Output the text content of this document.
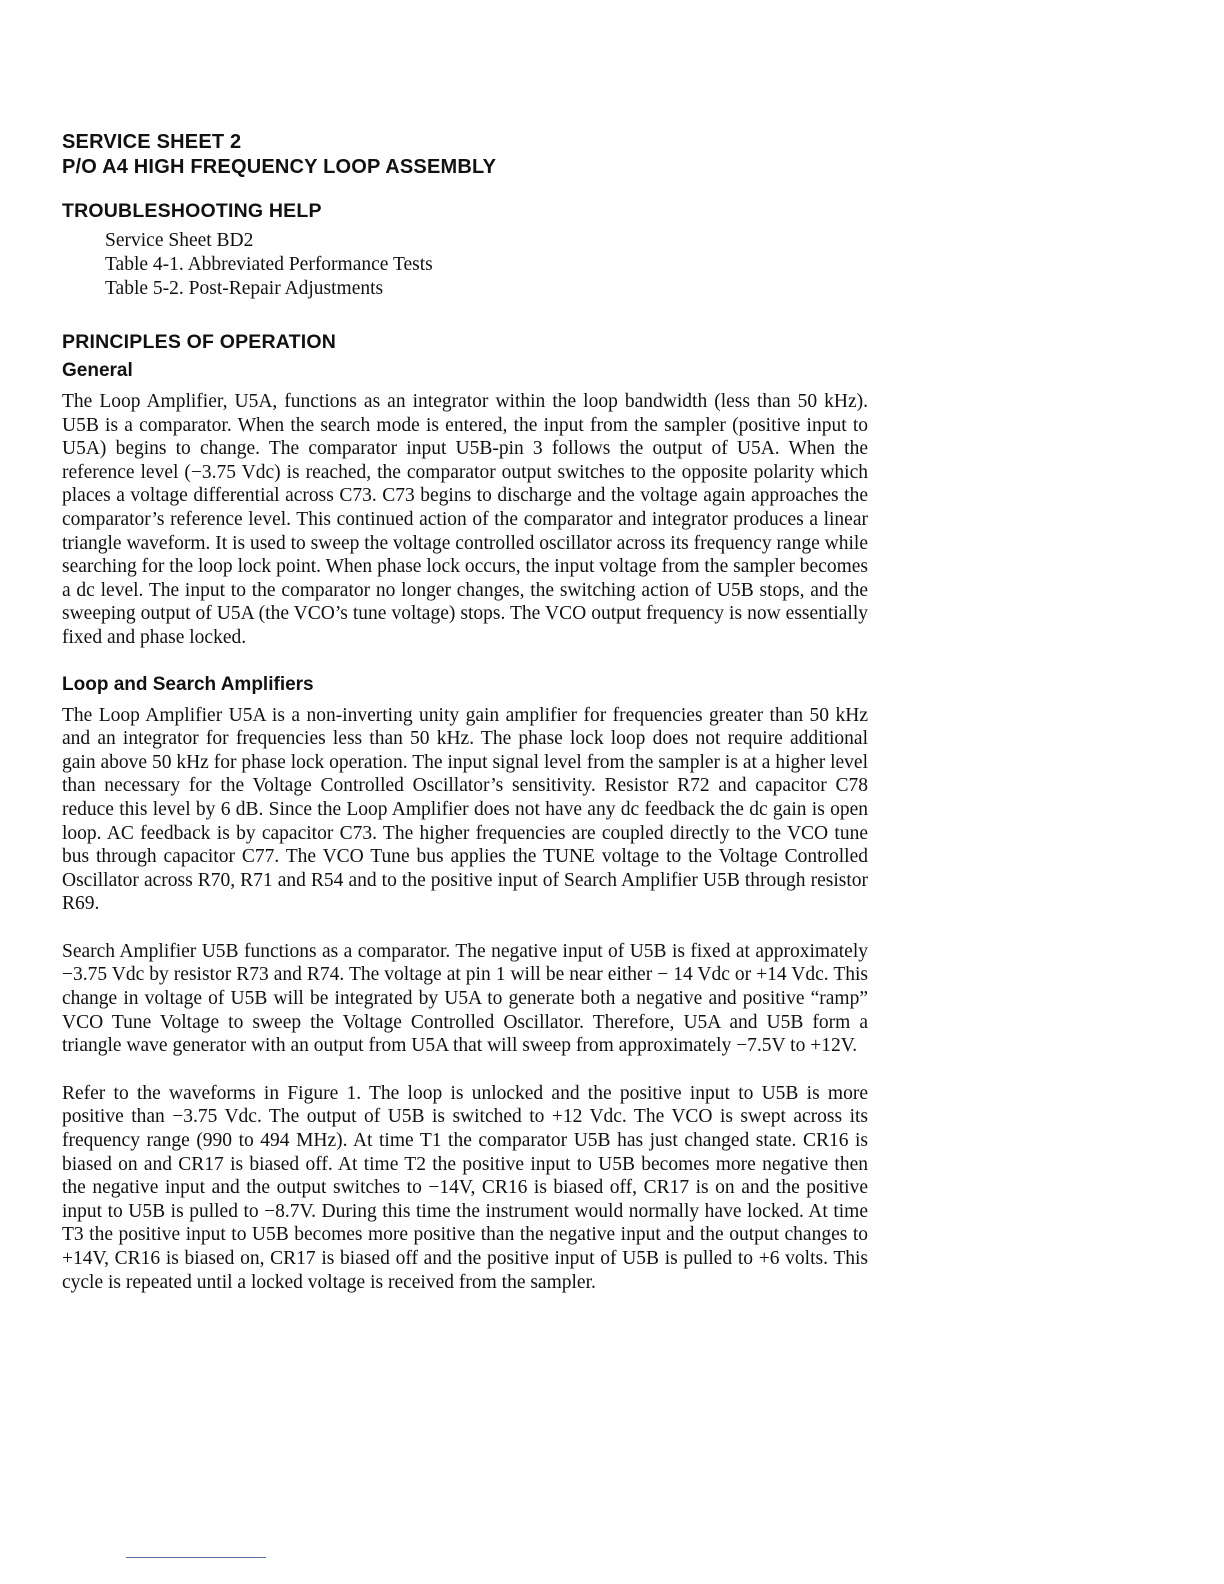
SERVICE SHEET 2
P/O A4 HIGH FREQUENCY LOOP ASSEMBLY
TROUBLESHOOTING HELP
Service Sheet BD2
Table 4-1. Abbreviated Performance Tests
Table 5-2. Post-Repair Adjustments
PRINCIPLES OF OPERATION
General

The Loop Amplifier, U5A, functions as an integrator within the loop bandwidth (less than 50 kHz). U5B is a comparator. When the search mode is entered, the input from the sampler (positive input to U5A) begins to change. The comparator input U5B-pin 3 follows the output of U5A. When the reference level (−3.75 Vdc) is reached, the comparator output switches to the opposite polarity which places a voltage differential across C73. C73 begins to discharge and the voltage again approaches the comparator’s reference level. This continued action of the comparator and integrator produces a linear triangle waveform. It is used to sweep the voltage controlled oscillator across its frequency range while searching for the loop lock point. When phase lock occurs, the input voltage from the sampler becomes a dc level. The input to the comparator no longer changes, the switching action of U5B stops, and the sweeping output of U5A (the VCO’s tune voltage) stops. The VCO output frequency is now essentially fixed and phase locked.

Loop and Search Amplifiers

The Loop Amplifier U5A is a non-inverting unity gain amplifier for frequencies greater than 50 kHz and an integrator for frequencies less than 50 kHz. The phase lock loop does not require additional gain above 50 kHz for phase lock operation. The input signal level from the sampler is at a higher level than necessary for the Voltage Controlled Oscillator’s sensitivity. Resistor R72 and capacitor C78 reduce this level by 6 dB. Since the Loop Amplifier does not have any dc feedback the dc gain is open loop. AC feedback is by capacitor C73. The higher frequencies are coupled directly to the VCO tune bus through capacitor C77. The VCO Tune bus applies the TUNE voltage to the Voltage Controlled Oscillator across R70, R71 and R54 and to the positive input of Search Amplifier U5B through resistor R69.

Search Amplifier U5B functions as a comparator. The negative input of U5B is fixed at approximately −3.75 Vdc by resistor R73 and R74. The voltage at pin 1 will be near either − 14 Vdc or +14 Vdc. This change in voltage of U5B will be integrated by U5A to generate both a negative and positive “ramp” VCO Tune Voltage to sweep the Voltage Controlled Oscillator. Therefore, U5A and U5B form a triangle wave generator with an output from U5A that will sweep from approximately −7.5V to +12V.

Refer to the waveforms in Figure 1. The loop is unlocked and the positive input to U5B is more positive than −3.75 Vdc. The output of U5B is switched to +12 Vdc. The VCO is swept across its frequency range (990 to 494 MHz). At time T1 the comparator U5B has just changed state. CR16 is biased on and CR17 is biased off. At time T2 the positive input to U5B becomes more negative then the negative input and the output switches to −14V, CR16 is biased off, CR17 is on and the positive input to U5B is pulled to −8.7V. During this time the instrument would normally have locked. At time T3 the positive input to U5B becomes more positive than the negative input and the output changes to +14V, CR16 is biased on, CR17 is biased off and the positive input of U5B is pulled to +6 volts. This cycle is repeated until a locked voltage is received from the sampler.
